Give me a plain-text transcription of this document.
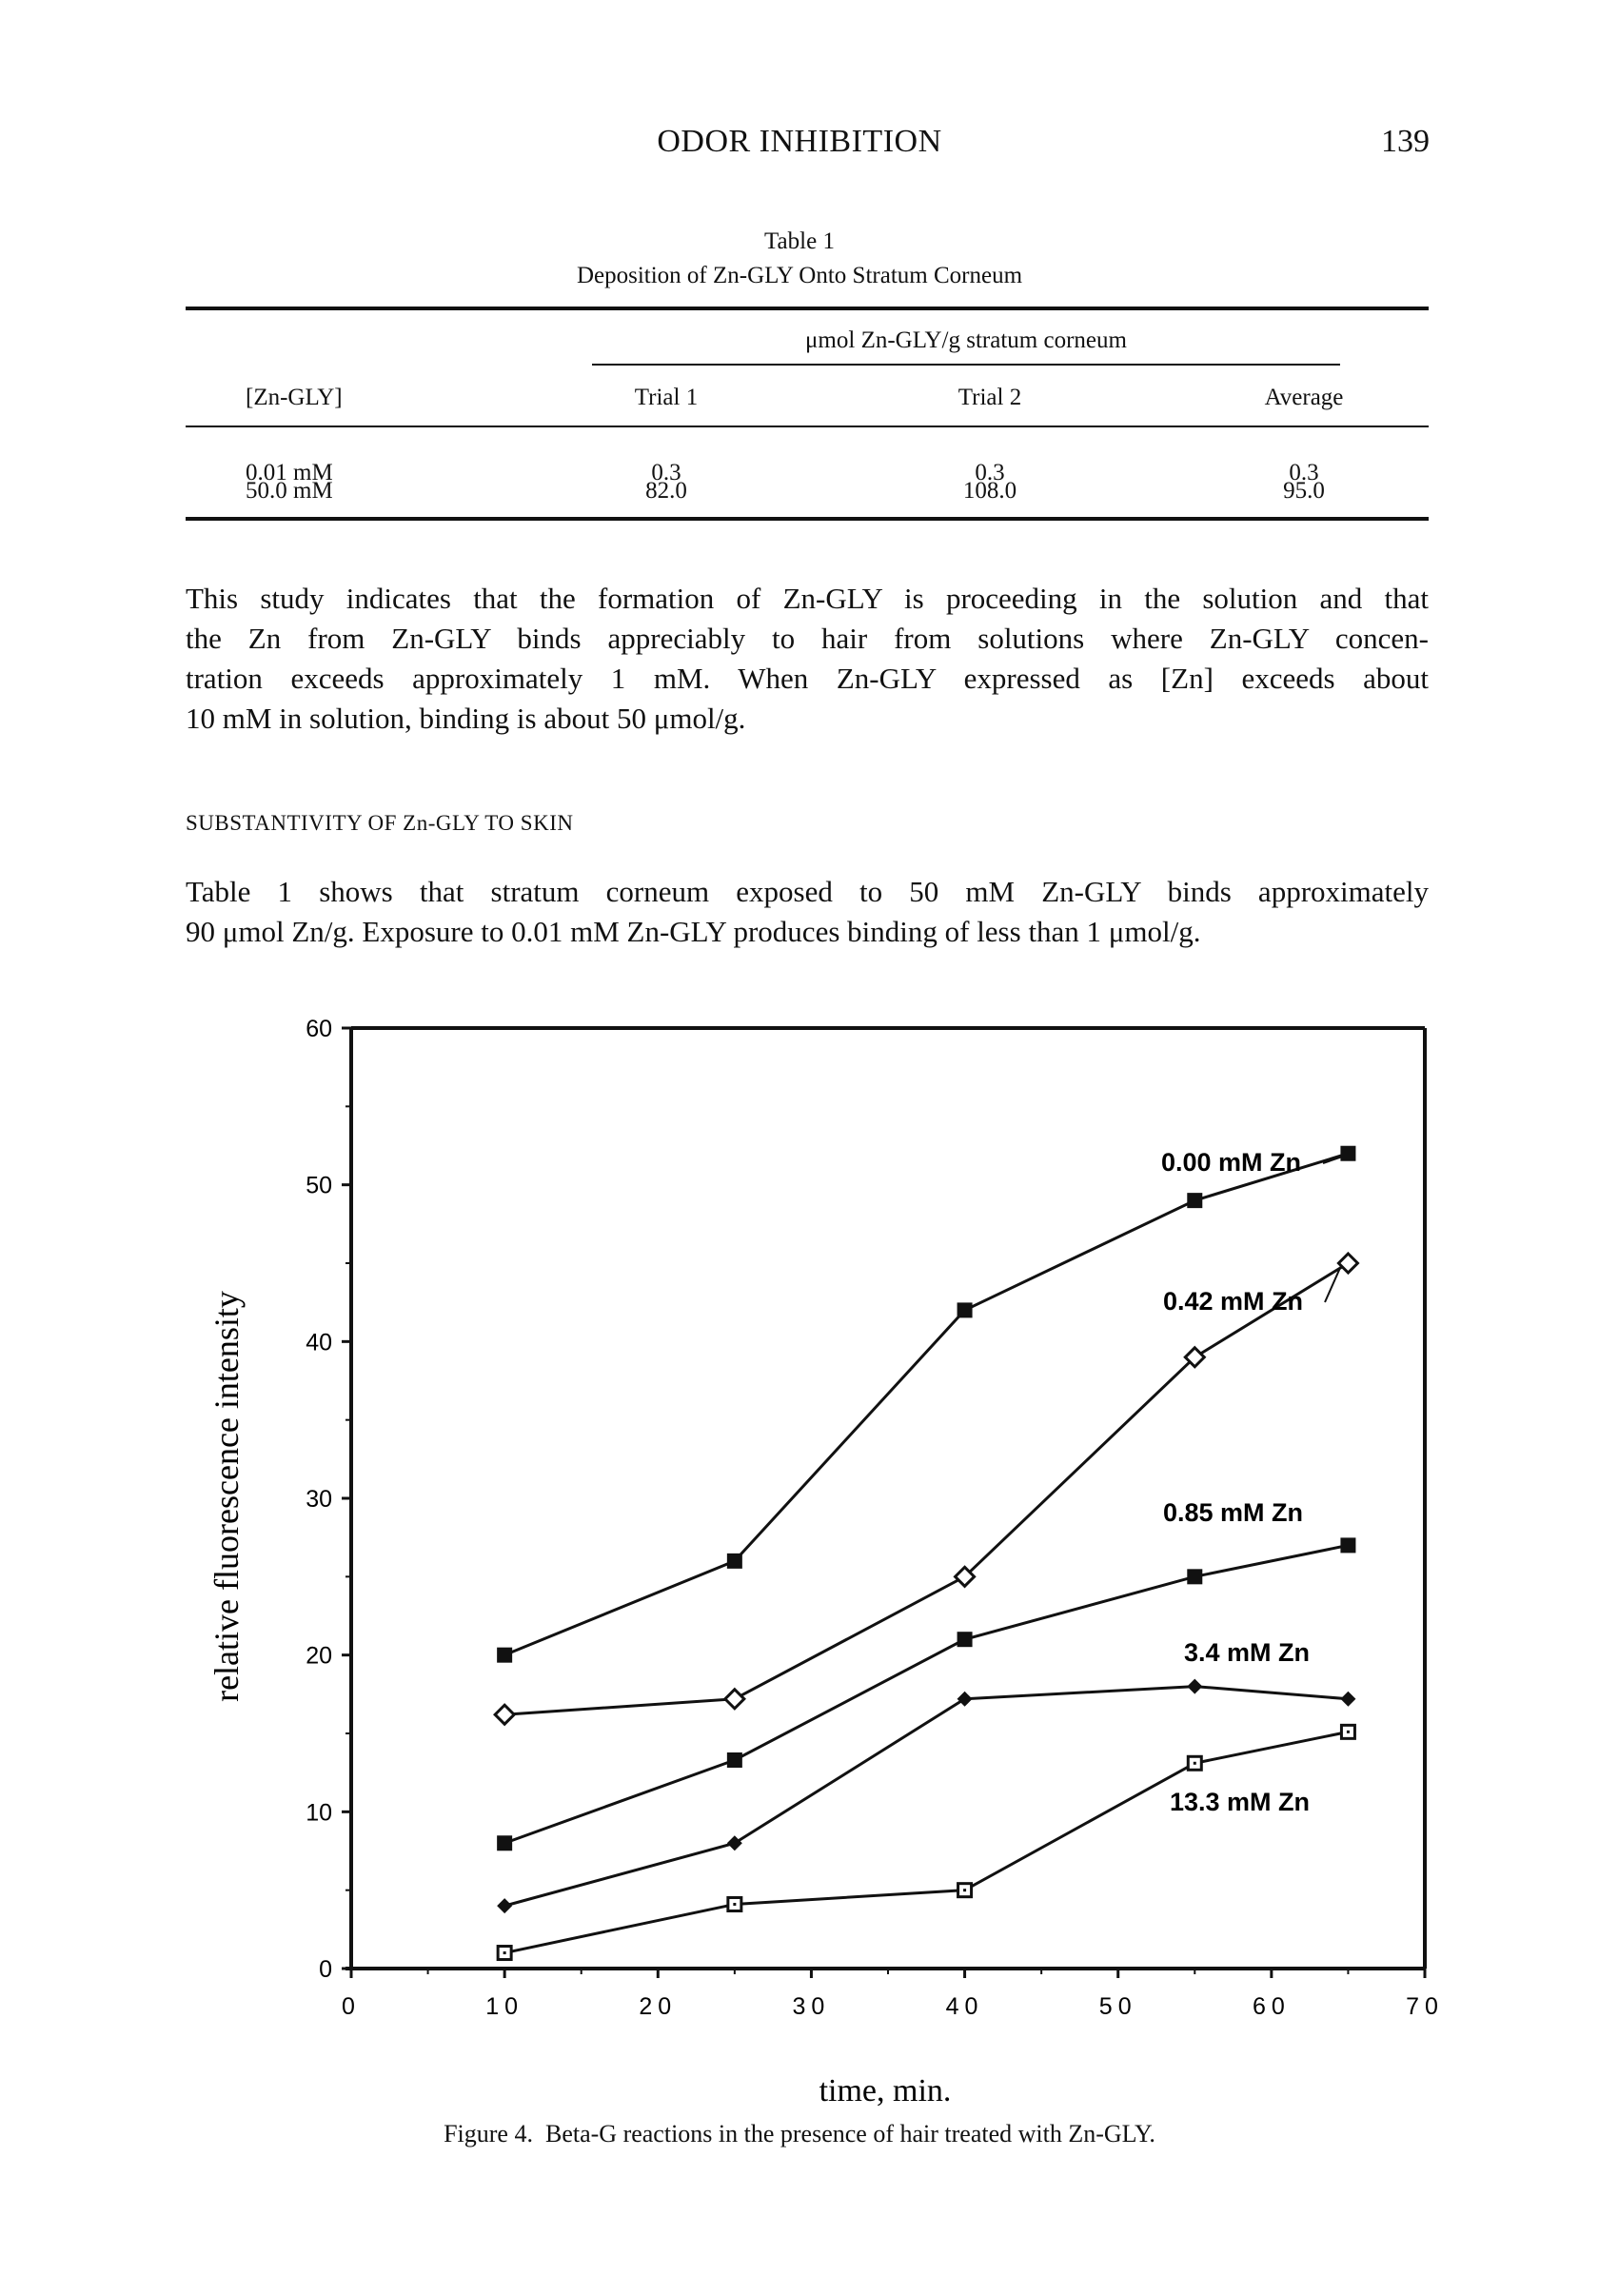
ODOR INHIBITION	139
Table 1
Deposition of Zn-GLY Onto Stratum Corneum
μmol Zn-GLY/g stratum corneum
[Zn-GLY]	Trial 1	Trial 2	Average
0.01 mM	0.3	0.3	0.3
50.0 mM	82.0	108.0	95.0
This study indicates that the formation of Zn-GLY is proceeding in the solution and that
the Zn from Zn-GLY binds appreciably to hair from solutions where Zn-GLY concen-
tration exceeds approximately 1 mM. When Zn-GLY expressed as [Zn] exceeds about
10 mM in solution, binding is about 50 μmol/g.
SUBSTANTIVITY OF Zn-GLY TO SKIN
Table 1 shows that stratum corneum exposed to 50 mM Zn-GLY binds approximately
90 μmol Zn/g. Exposure to 0.01 mM Zn-GLY produces binding of less than 1 μmol/g.
relative fluorescence intensity
time, min.
0
10
20
30
40
50
60
0	10	20	30	40	50	60	70
0.00 mM Zn
0.42 mM Zn
0.85 mM Zn
3.4 mM Zn
13.3 mM Zn
Figure 4. Beta-G reactions in the presence of hair treated with Zn-GLY.
